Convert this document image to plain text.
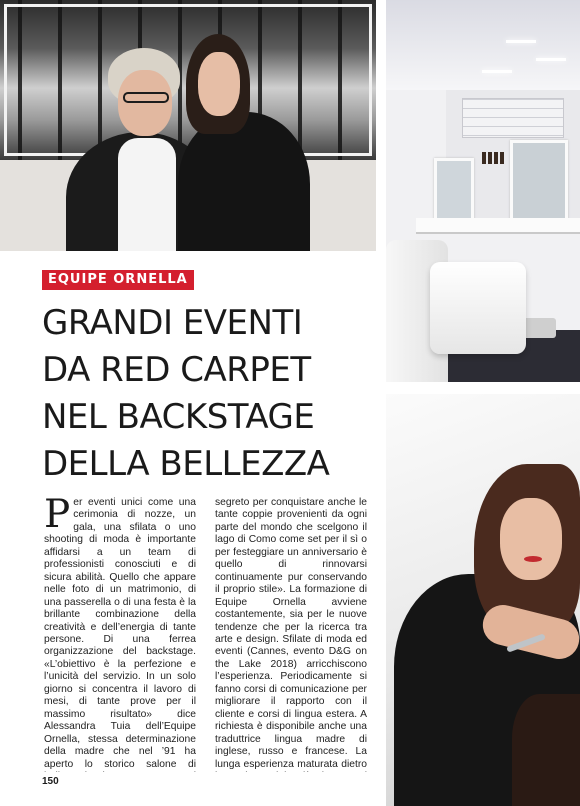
EQUIPE ORNELLA
GRANDI EVENTI
DA RED CARPET
NEL BACKSTAGE
DELLA BELLEZZA

Per eventi unici come una cerimonia di nozze, un gala, una sfilata o uno shooting di moda è importante affidarsi a un team di professionisti conosciuti e di sicura abilità. Quello che appare nelle foto di un matrimonio, di una passerella o di una festa è la brillante combinazione della creatività e dell’energia di tante persone. Di una ferrea organizzazione del backstage. «L’obiettivo è la perfezione e l’unicità del servizio. In un solo giorno si concentra il lavoro di mesi, di tante prove per il massimo risultato» dice Alessandra Tuia dell’Equipe Ornella, stessa determinazione della madre che nel ’91 ha aperto lo storico salone di

segreto per conquistare anche le tante coppie provenienti da ogni parte del mondo che scelgono il lago di Como come set per il sì o per festeggiare un anniversario è quello di rinnovarsi continuamente pur conservando il proprio stile». La formazione di Equipe Ornella avviene costantemente, sia per le nuove tendenze che per la ricerca tra arte e design. Sfilate di moda ed eventi (Cannes, evento D&G on the Lake 2018) arricchiscono l’esperienza. Periodicamente si fanno corsi di comunicazione per migliorare il rapporto con il cliente e corsi di lingua estera. A richiesta è disponibile anche una traduttrice lingua madre di inglese, russo e francese. La lunga esperienza maturata dietro

150
